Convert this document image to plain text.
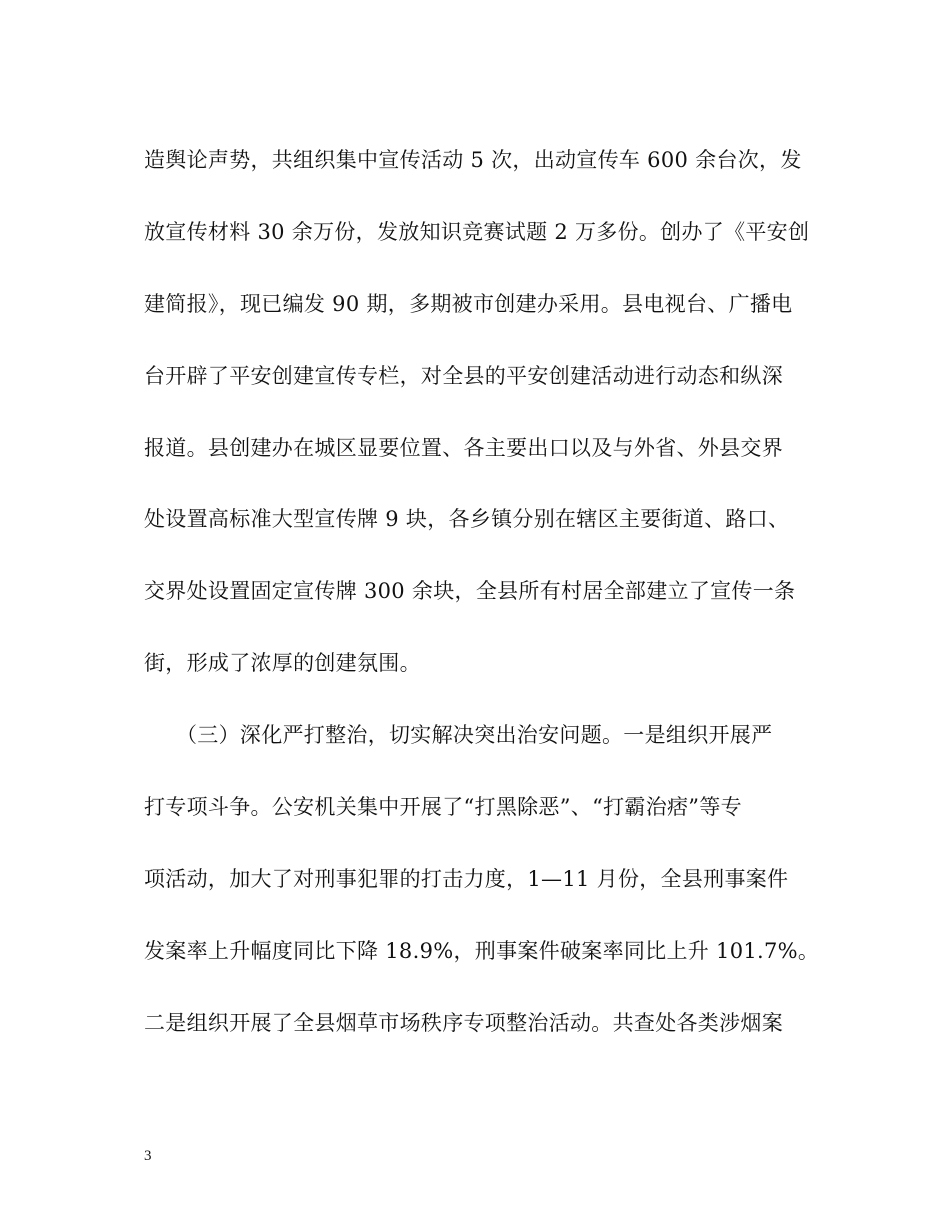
造舆论声势，共组织集中宣传活动 5 次，出动宣传车 600 余台次，发
放宣传材料 30 余万份，发放知识竞赛试题 2 万多份。创办了《平安创
建简报》，现已编发 90 期，多期被市创建办采用。县电视台、广播电
台开辟了平安创建宣传专栏，对全县的平安创建活动进行动态和纵深
报道。县创建办在城区显要位置、各主要出口以及与外省、外县交界
处设置高标准大型宣传牌 9 块，各乡镇分别在辖区主要街道、路口、
交界处设置固定宣传牌 300 余块，全县所有村居全部建立了宣传一条
街，形成了浓厚的创建氛围。
（三）深化严打整治，切实解决突出治安问题。一是组织开展严
打专项斗争。公安机关集中开展了“打黑除恶”、“打霸治痞”等专
项活动，加大了对刑事犯罪的打击力度，1—11 月份，全县刑事案件
发案率上升幅度同比下降 18.9%，刑事案件破案率同比上升 101.7%。
二是组织开展了全县烟草市场秩序专项整治活动。共查处各类涉烟案
3
